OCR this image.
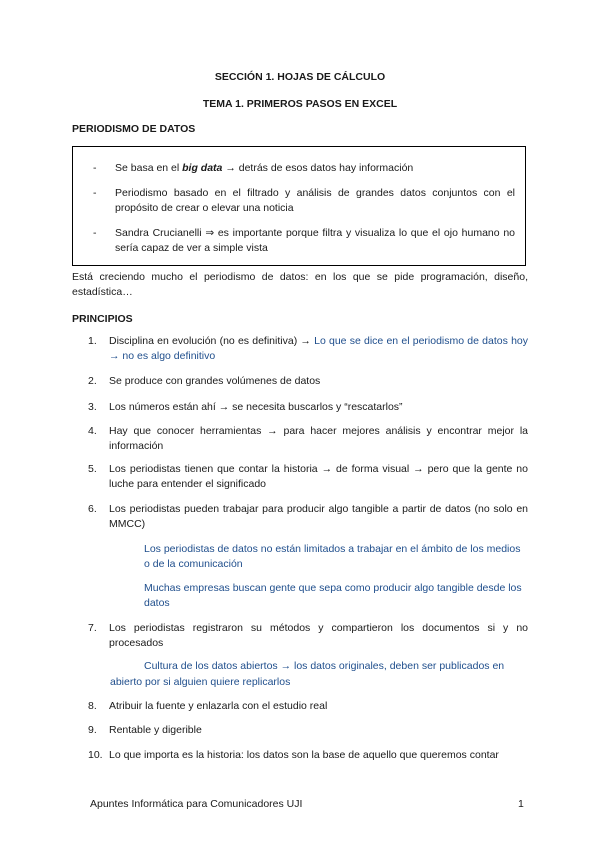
SECCIÓN 1. HOJAS DE CÁLCULO
TEMA 1. PRIMEROS PASOS EN EXCEL
PERIODISMO DE DATOS
- Se basa en el big data → detrás de esos datos hay información
- Periodismo basado en el filtrado y análisis de grandes datos conjuntos con el propósito de crear o elevar una noticia
- Sandra Crucianelli ⇒ es importante porque filtra y visualiza lo que el ojo humano no sería capaz de ver a simple vista
Está creciendo mucho el periodismo de datos: en los que se pide programación, diseño, estadística…
PRINCIPIOS
1.	Disciplina en evolución (no es definitiva) → Lo que se dice en el periodismo de datos hoy → no es algo definitivo
2.	Se produce con grandes volúmenes de datos
3.	Los números están ahí → se necesita buscarlos y “rescatarlos”
4.	Hay que conocer herramientas → para hacer mejores análisis y encontrar mejor la información
5.	Los periodistas tienen que contar la historia → de forma visual → pero que la gente no luche para entender el significado
6.	Los periodistas pueden trabajar para producir algo tangible a partir de datos (no solo en MMCC)
Los periodistas de datos no están limitados a trabajar en el ámbito de los medios o de la comunicación
Muchas empresas buscan gente que sepa como producir algo tangible desde los datos
7.	Los periodistas registraron su métodos y compartieron los documentos si y no procesados
Cultura de los datos abiertos → los datos originales, deben ser publicados en
abierto por si alguien quiere replicarlos
8.	Atribuir la fuente y enlazarla con el estudio real
9.	Rentable y digerible
10. Lo que importa es la historia: los datos son la base de aquello que queremos contar
Apuntes Informática para Comunicadores UJI	1
